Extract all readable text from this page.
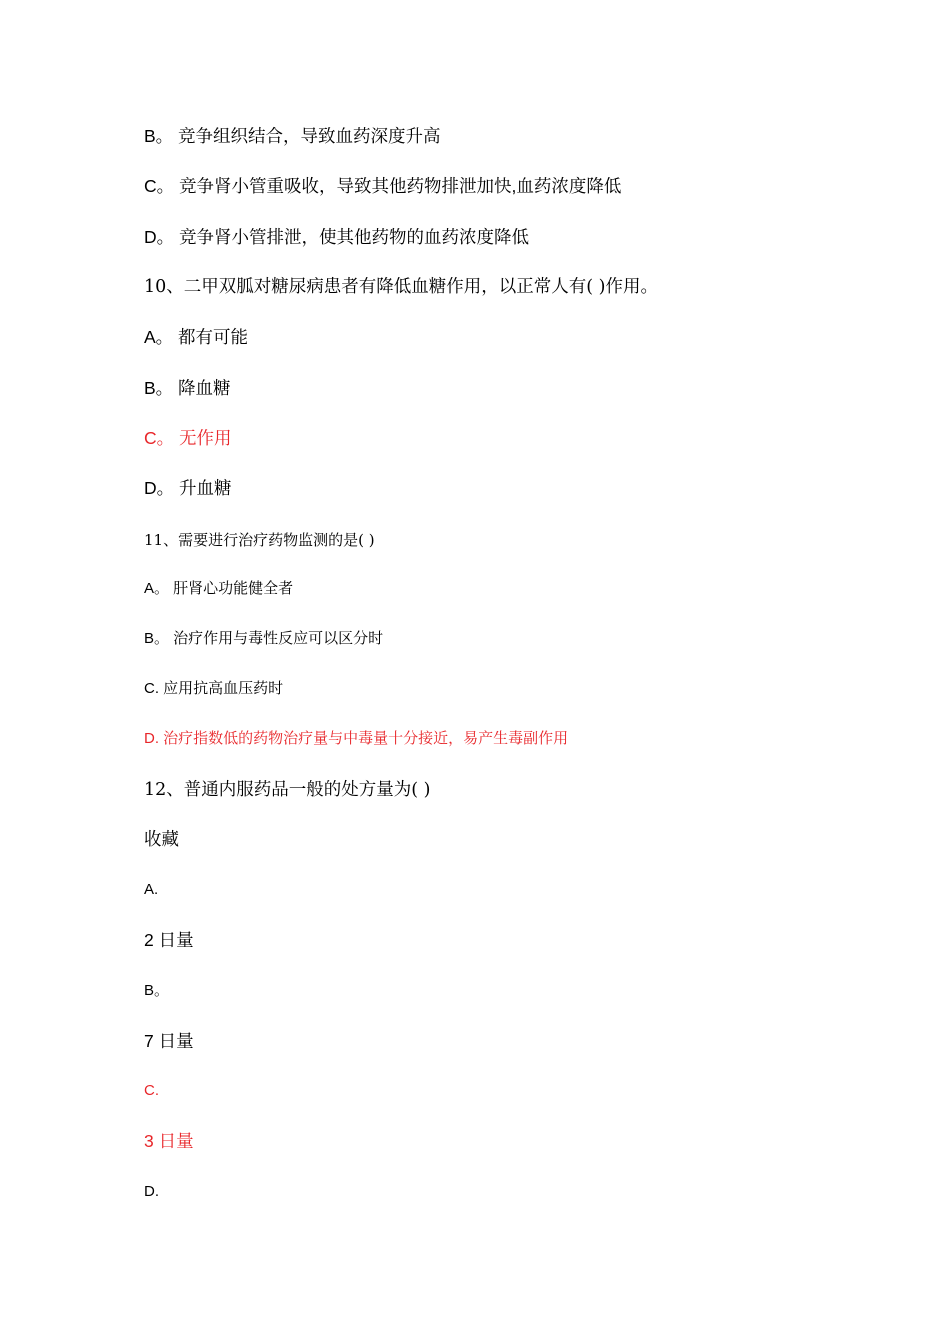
B。 竞争组织结合，导致血药深度升高
C。 竞争肾小管重吸收，导致其他药物排泄加快,血药浓度降低
D。 竞争肾小管排泄，使其他药物的血药浓度降低
10、二甲双胍对糖尿病患者有降低血糖作用，以正常人有( )作用。
A。 都有可能
B。 降血糖
C。 无作用
D。 升血糖
11、需要进行治疗药物监测的是( )
A。 肝肾心功能健全者
B。 治疗作用与毒性反应可以区分时
C. 应用抗高血压药时
D. 治疗指数低的药物治疗量与中毒量十分接近，易产生毒副作用
12、普通内服药品一般的处方量为( )
收藏
A.
2 日量
B。
7 日量
C.
3 日量
D.
